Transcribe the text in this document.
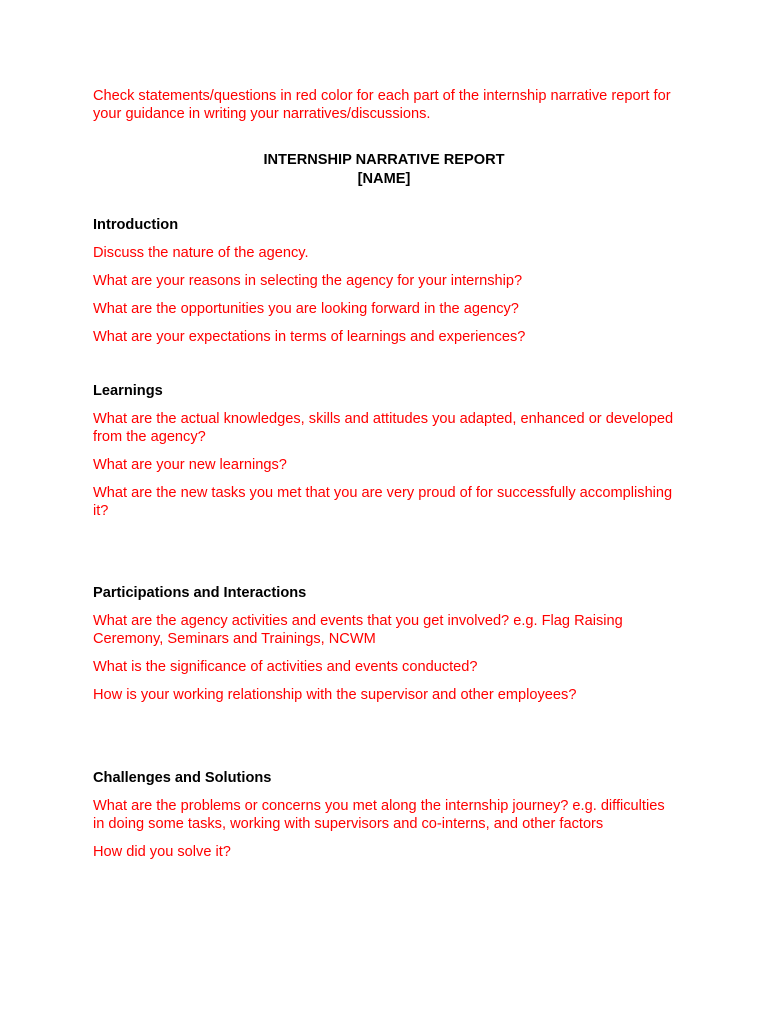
Check statements/questions in red color for each part of the internship narrative report for your guidance in writing your narratives/discussions.

INTERNSHIP NARRATIVE REPORT
[NAME]
Introduction
Discuss the nature of the agency.
What are your reasons in selecting the agency for your internship?
What are the opportunities you are looking forward in the agency?
What are your expectations in terms of learnings and experiences?
Learnings
What are the actual knowledges, skills and attitudes you adapted, enhanced or developed from the agency?
What are your new learnings?
What are the new tasks you met that you are very proud of for successfully accomplishing it?
Participations and Interactions
What are the agency activities and events that you get involved? e.g. Flag Raising Ceremony, Seminars and Trainings, NCWM
What is the significance of activities and events conducted?
How is your working relationship with the supervisor and other employees?
Challenges and Solutions
What are the problems or concerns you met along the internship journey? e.g. difficulties in doing some tasks, working with supervisors and co-interns, and other factors
How did you solve it?
